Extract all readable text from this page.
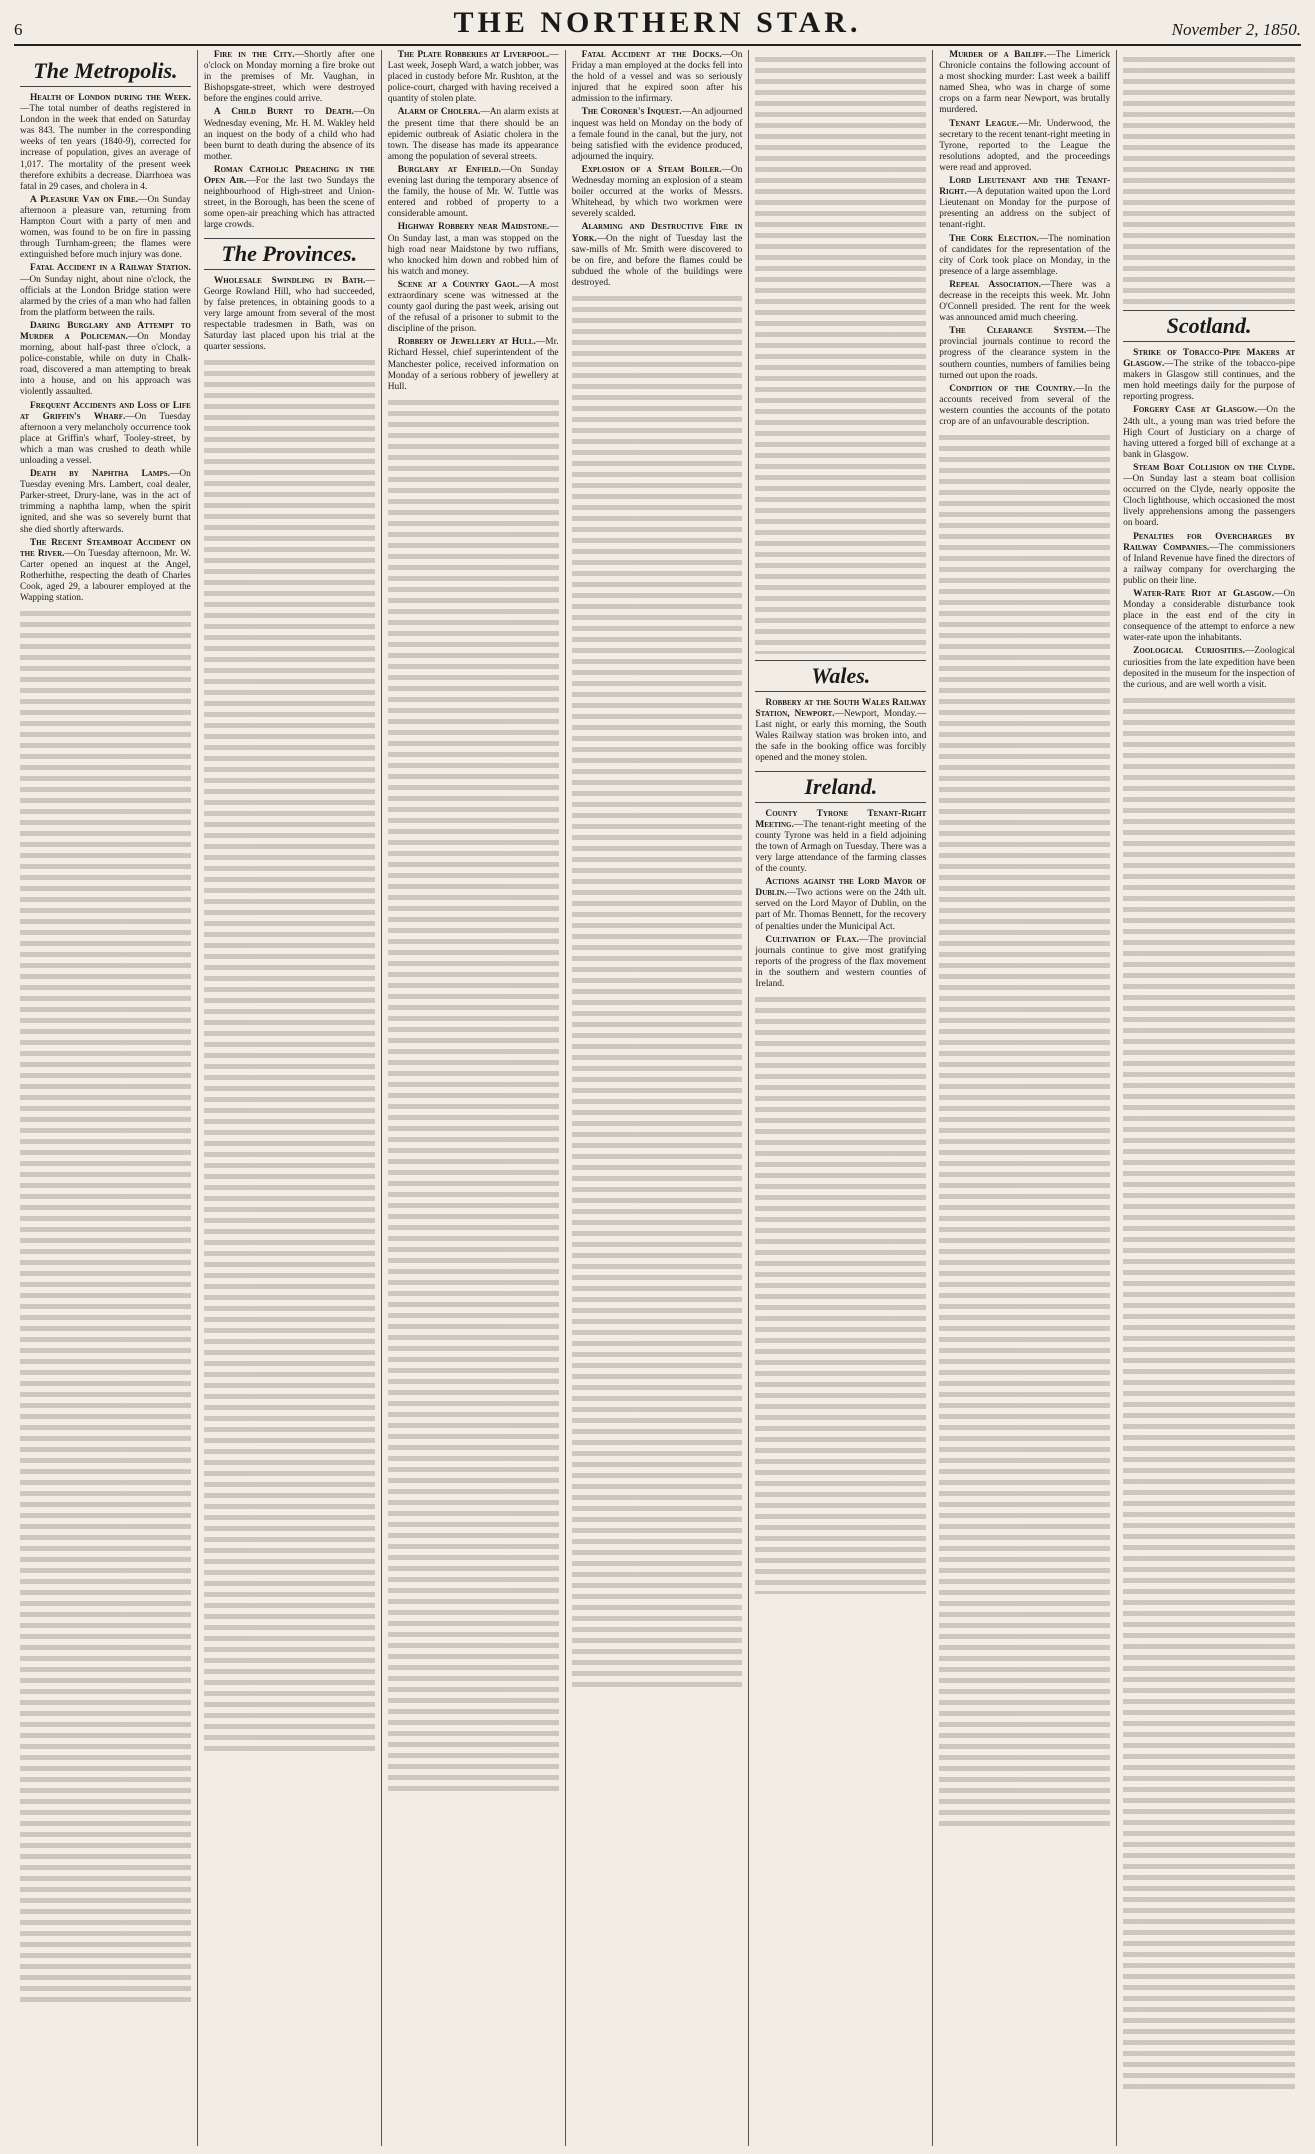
6	THE NORTHERN STAR.	November 2, 1850.
The Metropolis.

Health of London during the Week.—The total number of deaths registered in London in the week that ended on Saturday was 843. The number in the corresponding weeks of ten years (1840-9), corrected for increase of population, gives an average of 1,017. The mortality of the present week therefore exhibits a decrease. Diarrhoea was fatal in 29 cases, and cholera in 4.

A Pleasure Van on Fire.—On Sunday afternoon a pleasure van, returning from Hampton Court with a party of men and women, was found to be on fire in passing through Turnham-green; the flames were extinguished before much injury was done.

Fatal Accident in a Railway Station.—On Sunday night, about nine o'clock, the officials at the London Bridge station were alarmed by the cries of a man who had fallen from the platform between the rails.

Daring Burglary and Attempt to Murder a Policeman.—On Monday morning, about half-past three o'clock, a police-constable, while on duty in Chalk-road, discovered a man attempting to break into a house, and on his approach was violently assaulted.

Frequent Accidents and Loss of Life at Griffin's Wharf.—On Tuesday afternoon a very melancholy occurrence took place at Griffin's wharf, Tooley-street, by which a man was crushed to death while unloading a vessel.

Death by Naphtha Lamps.—On Tuesday evening Mrs. Lambert, coal dealer, Parker-street, Drury-lane, was in the act of trimming a naphtha lamp, when the spirit ignited, and she was so severely burnt that she died shortly afterwards.

The Recent Steamboat Accident on the River.—On Tuesday afternoon, Mr. W. Carter opened an inquest at the Angel, Rotherhithe, respecting the death of Charles Cook, aged 29, a labourer employed at the Wapping station.

Fire in the City.—Shortly after one o'clock on Monday morning a fire broke out in the premises of Mr. Vaughan, in Bishopsgate-street, which were destroyed before the engines could arrive.

A Child Burnt to Death.—On Wednesday evening, Mr. H. M. Wakley held an inquest on the body of a child who had been burnt to death during the absence of its mother.

Roman Catholic Preaching in the Open Air.—For the last two Sundays the neighbourhood of High-street and Union-street, in the Borough, has been the scene of some open-air preaching which has attracted large crowds.

The Provinces.

Wholesale Swindling in Bath.—George Rowland Hill, who had succeeded, by false pretences, in obtaining goods to a very large amount from several of the most respectable tradesmen in Bath, was on Saturday last placed upon his trial at the quarter sessions.

The Plate Robberies at Liverpool.—Last week, Joseph Ward, a watch jobber, was placed in custody before Mr. Rushton, at the police-court, charged with having received a quantity of stolen plate.

Alarm of Cholera.—An alarm exists at the present time that there should be an epidemic outbreak of Asiatic cholera in the town. The disease has made its appearance among the population of several streets.

Burglary at Enfield.—On Sunday evening last during the temporary absence of the family, the house of Mr. W. Tuttle was entered and robbed of property to a considerable amount.

Highway Robbery near Maidstone.—On Sunday last, a man was stopped on the high road near Maidstone by two ruffians, who knocked him down and robbed him of his watch and money.

Scene at a Country Gaol.—A most extraordinary scene was witnessed at the county gaol during the past week, arising out of the refusal of a prisoner to submit to the discipline of the prison.

Robbery of Jewellery at Hull.—Mr. Richard Hessel, chief superintendent of the Manchester police, received information on Monday of a serious robbery of jewellery at Hull.

Fatal Accident at the Docks.—On Friday a man employed at the docks fell into the hold of a vessel and was so seriously injured that he expired soon after his admission to the infirmary.

The Coroner's Inquest.—An adjourned inquest was held on Monday on the body of a female found in the canal, but the jury, not being satisfied with the evidence produced, adjourned the inquiry.

Explosion of a Steam Boiler.—On Wednesday morning an explosion of a steam boiler occurred at the works of Messrs. Whitehead, by which two workmen were severely scalded.

Alarming and Destructive Fire in York.—On the night of Tuesday last the saw-mills of Mr. Smith were discovered to be on fire, and before the flames could be subdued the whole of the buildings were destroyed.

Wales.

Robbery at the South Wales Railway Station, Newport.—Newport, Monday.—Last night, or early this morning, the South Wales Railway station was broken into, and the safe in the booking office was forcibly opened and the money stolen.

Ireland.

County Tyrone Tenant-Right Meeting.—The tenant-right meeting of the county Tyrone was held in a field adjoining the town of Armagh on Tuesday. There was a very large attendance of the farming classes of the county.

Actions against the Lord Mayor of Dublin.—Two actions were on the 24th ult. served on the Lord Mayor of Dublin, on the part of Mr. Thomas Bennett, for the recovery of penalties under the Municipal Act.

Cultivation of Flax.—The provincial journals continue to give most gratifying reports of the progress of the flax movement in the southern and western counties of Ireland.

Murder of a Bailiff.—The Limerick Chronicle contains the following account of a most shocking murder: Last week a bailiff named Shea, who was in charge of some crops on a farm near Newport, was brutally murdered.

Tenant League.—Mr. Underwood, the secretary to the recent tenant-right meeting in Tyrone, reported to the League the resolutions adopted, and the proceedings were read and approved.

Lord Lieutenant and the Tenant-Right.—A deputation waited upon the Lord Lieutenant on Monday for the purpose of presenting an address on the subject of tenant-right.

The Cork Election.—The nomination of candidates for the representation of the city of Cork took place on Monday, in the presence of a large assemblage.

Repeal Association.—There was a decrease in the receipts this week. Mr. John O'Connell presided. The rent for the week was announced amid much cheering.

The Clearance System.—The provincial journals continue to record the progress of the clearance system in the southern counties, numbers of families being turned out upon the roads.

Condition of the Country.—In the accounts received from several of the western counties the accounts of the potato crop are of an unfavourable description.

Scotland.

Strike of Tobacco-Pipe Makers at Glasgow.—The strike of the tobacco-pipe makers in Glasgow still continues, and the men hold meetings daily for the purpose of reporting progress.

Forgery Case at Glasgow.—On the 24th ult., a young man was tried before the High Court of Justiciary on a charge of having uttered a forged bill of exchange at a bank in Glasgow.

Steam Boat Collision on the Clyde.—On Sunday last a steam boat collision occurred on the Clyde, nearly opposite the Cloch lighthouse, which occasioned the most lively apprehensions among the passengers on board.

Penalties for Overcharges by Railway Companies.—The commissioners of Inland Revenue have fined the directors of a railway company for overcharging the public on their line.

Water-Rate Riot at Glasgow.—On Monday a considerable disturbance took place in the east end of the city in consequence of the attempt to enforce a new water-rate upon the inhabitants.

Zoological Curiosities.—Zoological curiosities from the late expedition have been deposited in the museum for the inspection of the curious, and are well worth a visit.
